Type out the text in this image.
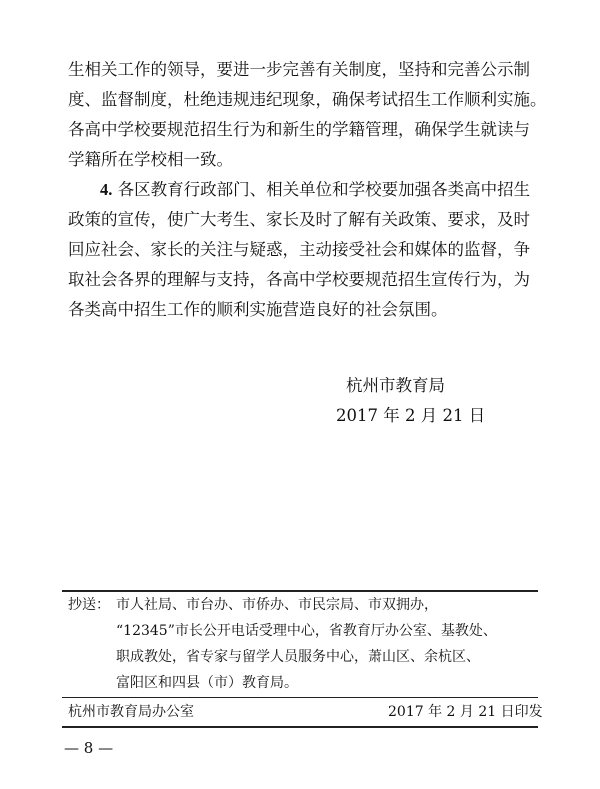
生相关工作的领导，要进一步完善有关制度，坚持和完善公示制
度、监督制度，杜绝违规违纪现象，确保考试招生工作顺利实施。
各高中学校要规范招生行为和新生的学籍管理，确保学生就读与
学籍所在学校相一致。
4. 各区教育行政部门、相关单位和学校要加强各类高中招生
政策的宣传，使广大考生、家长及时了解有关政策、要求，及时
回应社会、家长的关注与疑惑，主动接受社会和媒体的监督，争
取社会各界的理解与支持，各高中学校要规范招生宣传行为，为
各类高中招生工作的顺利实施营造良好的社会氛围。
杭州市教育局
2017 年 2 月 21 日
抄送： 市人社局、市台办、市侨办、市民宗局、市双拥办，
“12345”市长公开电话受理中心，省教育厅办公室、基教处、
职成教处，省专家与留学人员服务中心，萧山区、余杭区、
富阳区和四县（市）教育局。
杭州市教育局办公室	2017 年 2 月 21 日印发
— 8 —
